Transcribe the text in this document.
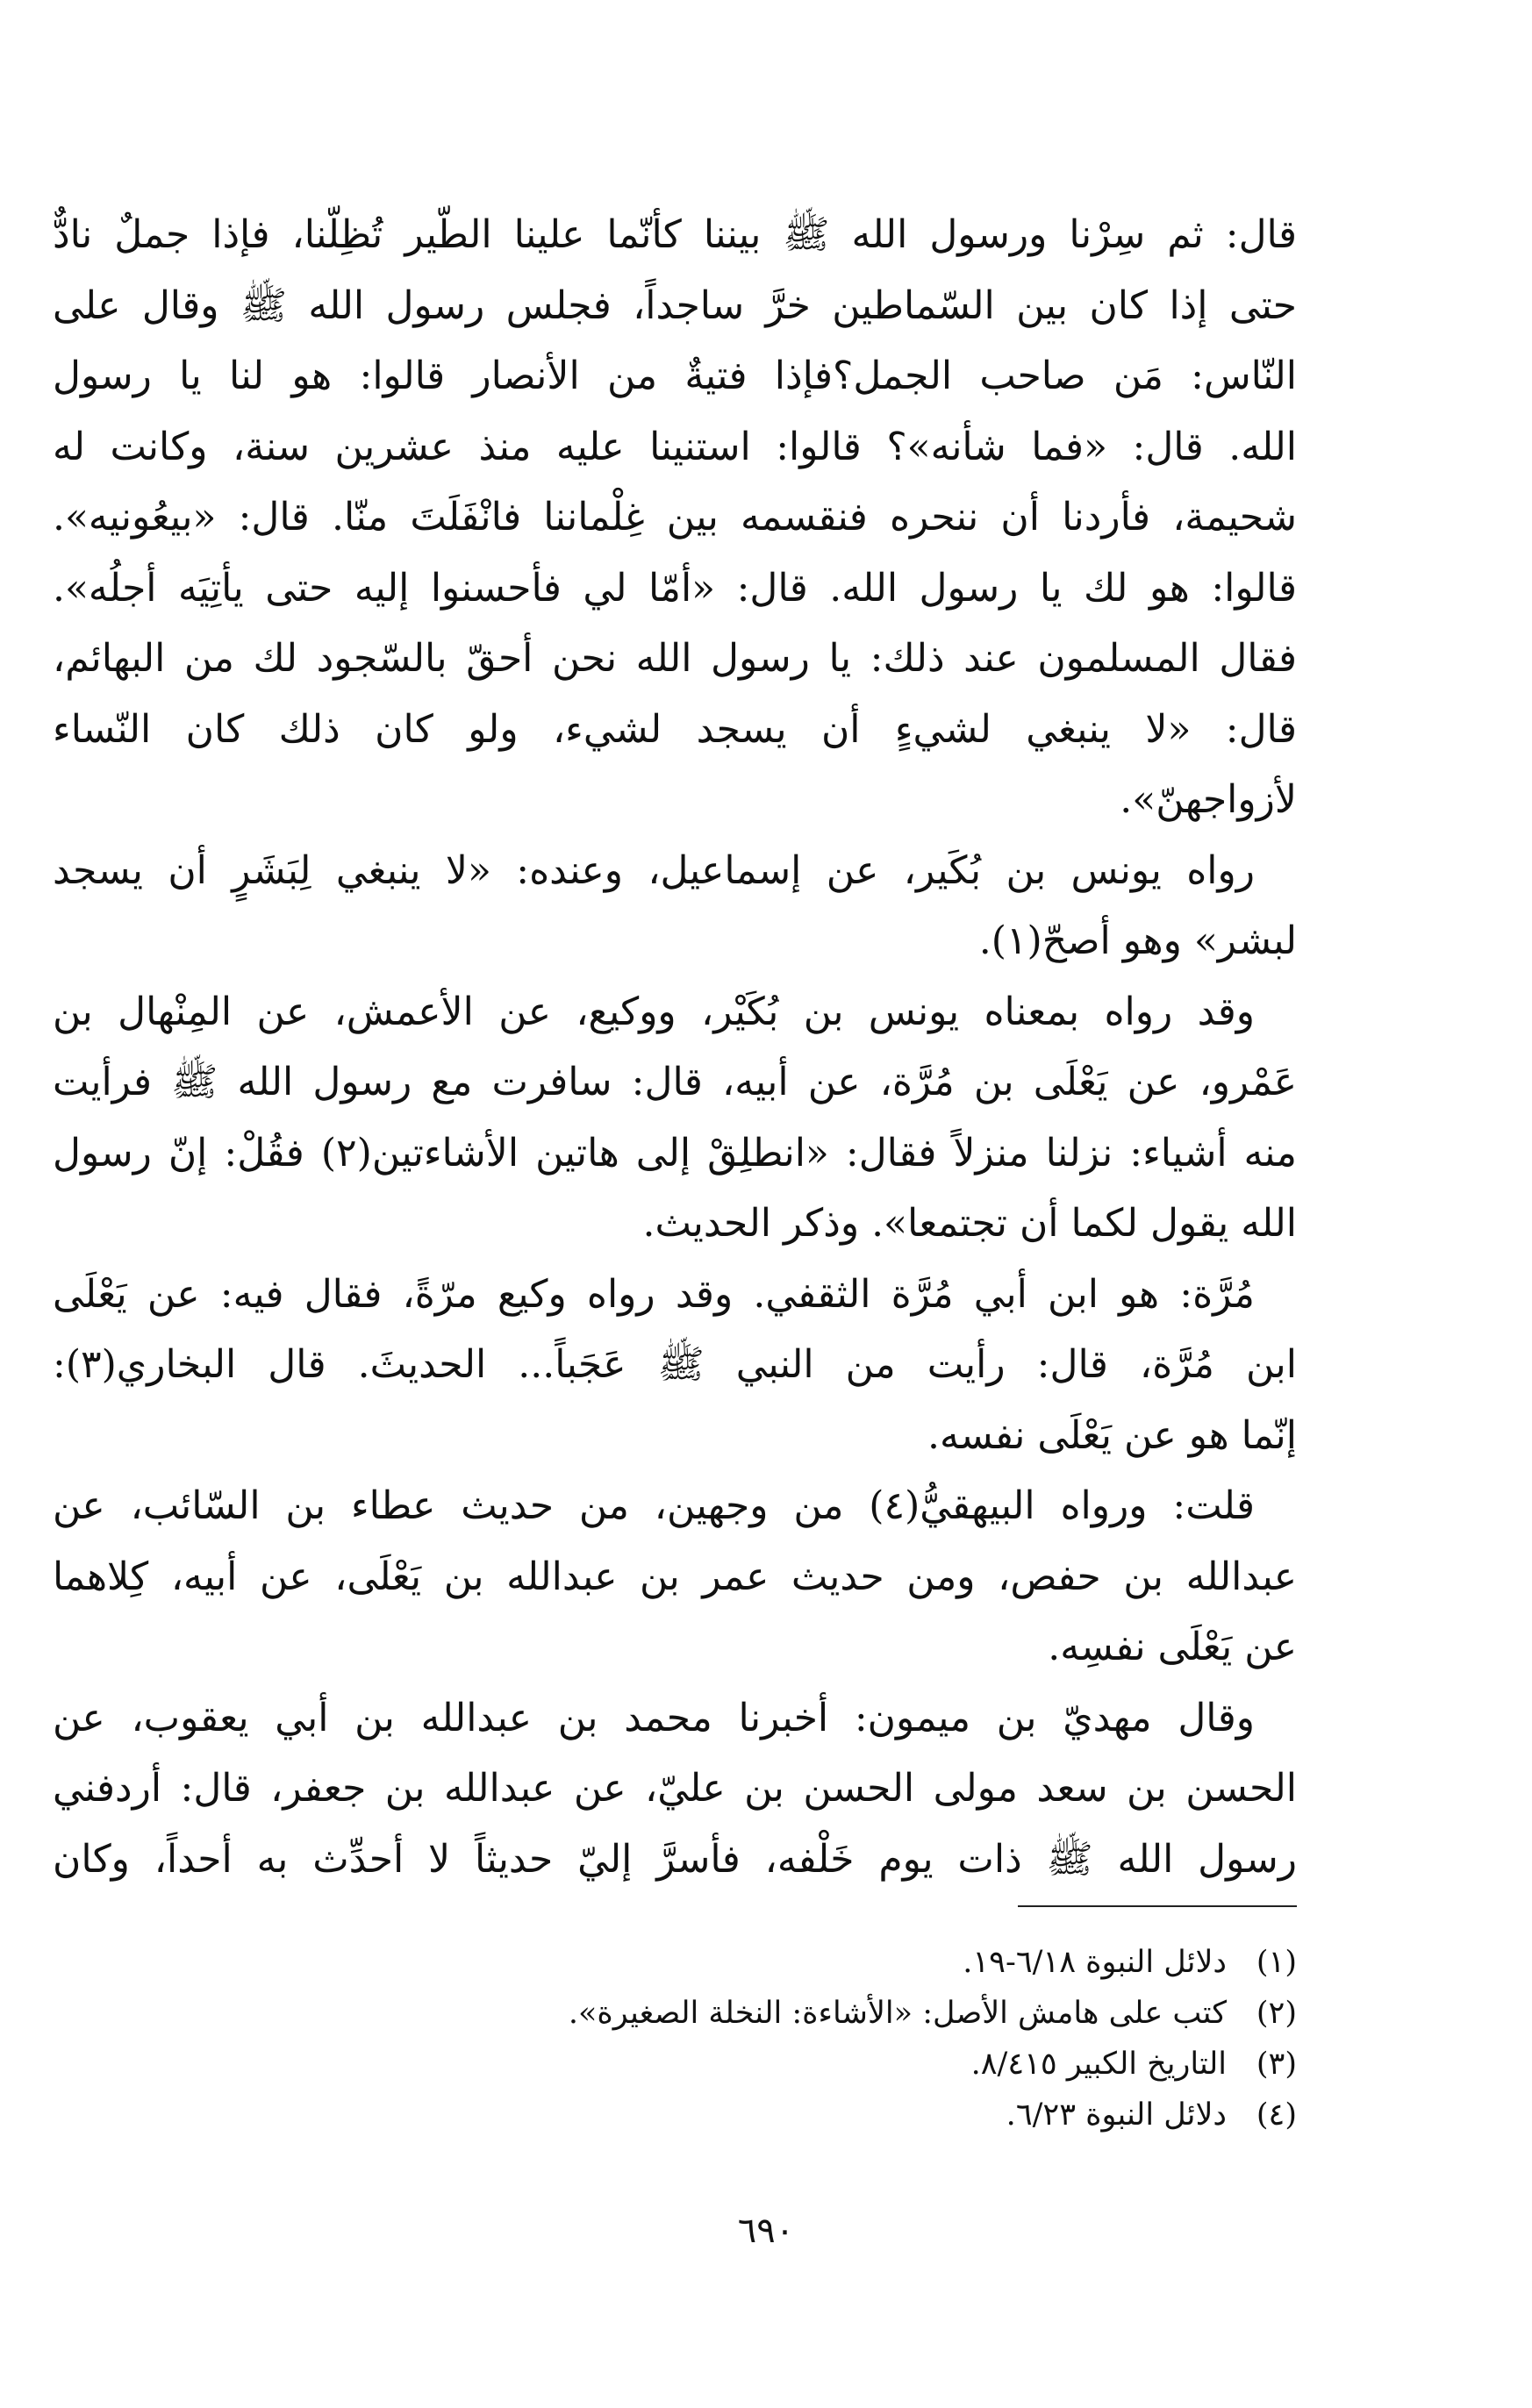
قال: ثم سِرْنا ورسول الله ﷺ بيننا كأنّما علينا الطّير تُظِلّنا، فإذا جملٌ نادٌّ
حتى إذا كان بين السّماطين خرَّ ساجداً، فجلس رسول الله ﷺ وقال على
النّاس: مَن صاحب الجمل؟فإذا فتيةٌ من الأنصار قالوا: هو لنا يا رسول
الله. قال: «فما شأنه»؟ قالوا: استنينا عليه منذ عشرين سنة، وكانت له
شحيمة، فأردنا أن ننحره فنقسمه بين غِلْماننا فانْفَلَتَ منّا. قال: «بيعُونيه».
قالوا: هو لك يا رسول الله. قال: «أمّا لي فأحسنوا إليه حتى يأتِيَه أجلُه».
فقال المسلمون عند ذلك: يا رسول الله نحن أحقّ بالسّجود لك من البهائم،
قال: «لا ينبغي لشيءٍ أن يسجد لشيء، ولو كان ذلك كان النّساء
لأزواجهنّ».
رواه يونس بن بُكَير، عن إسماعيل، وعنده: «لا ينبغي لِبَشَرٍ أن يسجد
لبشر» وهو أصحّ(١).
وقد رواه بمعناه يونس بن بُكَيْر، ووكيع، عن الأعمش، عن المِنْهال بن
عَمْرو، عن يَعْلَى بن مُرَّة، عن أبيه، قال: سافرت مع رسول الله ﷺ فرأيت
منه أشياء: نزلنا منزلاً فقال: «انطلِقْ إلى هاتين الأشاءتين(٢) فقُلْ: إنّ رسول
الله يقول لكما أن تجتمعا». وذكر الحديث.
مُرَّة: هو ابن أبي مُرَّة الثقفي. وقد رواه وكيع مرّةً، فقال فيه: عن يَعْلَى
ابن مُرَّة، قال: رأيت من النبي ﷺ عَجَباً... الحديثَ. قال البخاري(٣):
إنّما هو عن يَعْلَى نفسه.
قلت: ورواه البيهقيُّ(٤) من وجهين، من حديث عطاء بن السّائب، عن
عبدالله بن حفص، ومن حديث عمر بن عبدالله بن يَعْلَى، عن أبيه، كِلاهما
عن يَعْلَى نفسِه.
وقال مهديّ بن ميمون: أخبرنا محمد بن عبدالله بن أبي يعقوب، عن
الحسن بن سعد مولى الحسن بن عليّ، عن عبدالله بن جعفر، قال: أردفني
رسول الله ﷺ ذات يوم خَلْفه، فأسرَّ إليّ حديثاً لا أحدِّث به أحداً، وكان
(١)
دلائل النبوة ٦/١٨-١٩.
(٢)
كتب على هامش الأصل: «الأشاءة: النخلة الصغيرة».
(٣)
التاريخ الكبير ٨/٤١٥.
(٤)
دلائل النبوة ٦/٢٣.
٦٩٠
